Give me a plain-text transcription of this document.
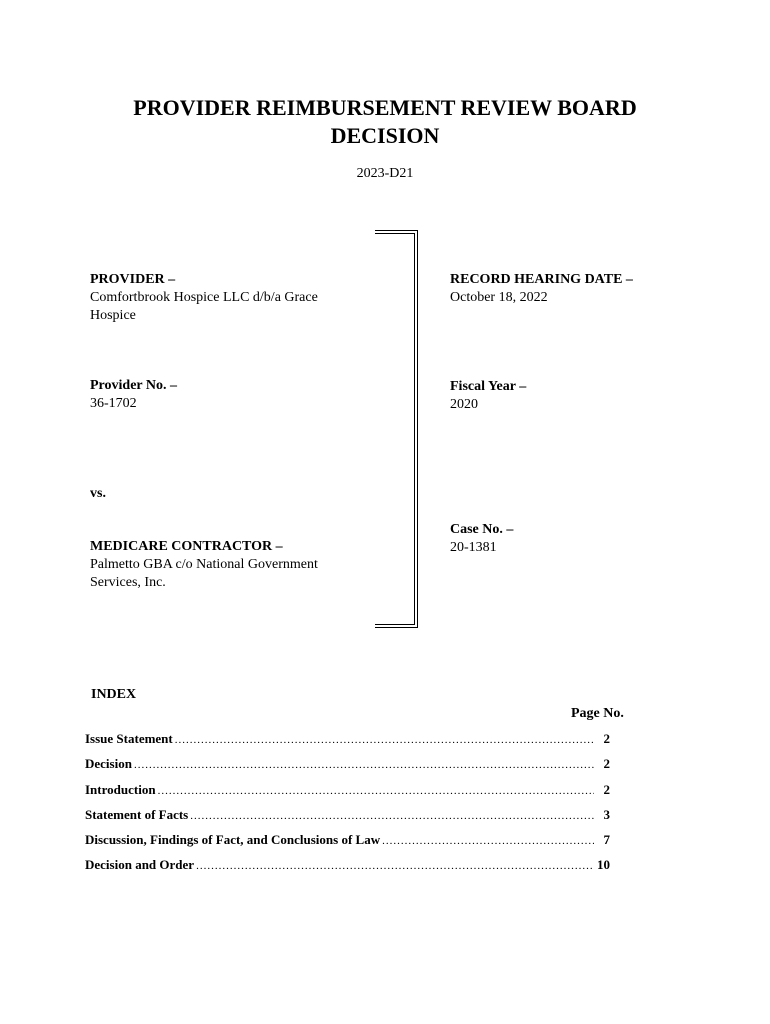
PROVIDER REIMBURSEMENT REVIEW BOARD
DECISION
2023-D21
PROVIDER –
Comfortbrook Hospice LLC d/b/a Grace Hospice
Provider No. –
36-1702
vs.
MEDICARE CONTRACTOR –
Palmetto GBA c/o National Government Services, Inc.
RECORD HEARING DATE –
October 18, 2022
Fiscal Year –
2020
Case No. –
20-1381
INDEX
Page No.
Issue Statement .....	2
Decision .....	2
Introduction .....	2
Statement of Facts .....	3
Discussion, Findings of Fact, and Conclusions of Law .....	7
Decision and Order .....	10
